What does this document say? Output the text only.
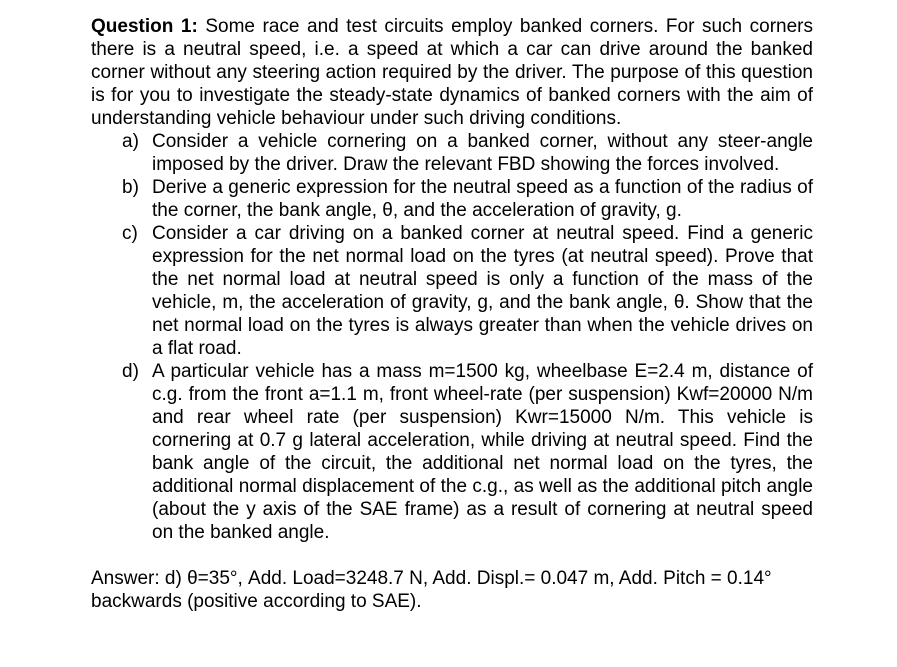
Question 1: Some race and test circuits employ banked corners. For such corners there is a neutral speed, i.e. a speed at which a car can drive around the banked corner without any steering action required by the driver. The purpose of this question is for you to investigate the steady-state dynamics of banked corners with the aim of understanding vehicle behaviour under such driving conditions.

a) Consider a vehicle cornering on a banked corner, without any steer-angle imposed by the driver. Draw the relevant FBD showing the forces involved.
b) Derive a generic expression for the neutral speed as a function of the radius of the corner, the bank angle, θ, and the acceleration of gravity, g.
c) Consider a car driving on a banked corner at neutral speed. Find a generic expression for the net normal load on the tyres (at neutral speed). Prove that the net normal load at neutral speed is only a function of the mass of the vehicle, m, the acceleration of gravity, g, and the bank angle, θ. Show that the net normal load on the tyres is always greater than when the vehicle drives on a flat road.
d) A particular vehicle has a mass m=1500 kg, wheelbase E=2.4 m, distance of c.g. from the front a=1.1 m, front wheel-rate (per suspension) Kwf=20000 N/m and rear wheel rate (per suspension) Kwr=15000 N/m. This vehicle is cornering at 0.7 g lateral acceleration, while driving at neutral speed. Find the bank angle of the circuit, the additional net normal load on the tyres, the additional normal displacement of the c.g., as well as the additional pitch angle (about the y axis of the SAE frame) as a result of cornering at neutral speed on the banked angle.

Answer: d) θ=35°, Add. Load=3248.7 N, Add. Displ.= 0.047 m, Add. Pitch = 0.14° backwards (positive according to SAE).
